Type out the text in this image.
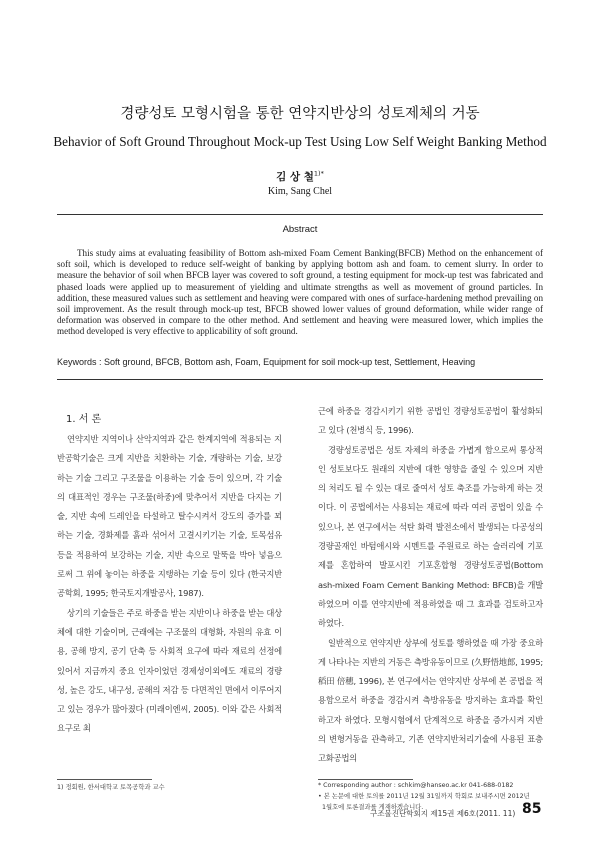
경량성토 모형시험을 통한 연약지반상의 성토제체의 거동
Behavior of Soft Ground Throughout Mock-up Test Using Low Self Weight Banking Method
김 상 철$^{1)*}$
Kim, Sang Chel
Abstract
This study aims at evaluating feasibility of Bottom ash-mixed Foam Cement Banking(BFCB) Method on the enhancement of soft soil, which is developed to reduce self-weight of banking by applying bottom ash and foam. to cement slurry. In order to measure the behavior of soil when BFCB layer was covered to soft ground, a testing equipment for mock-up test was fabricated and phased loads were applied up to measurement of yielding and ultimate strengths as well as movement of ground particles. In addition, these measured values such as settlement and heaving were compared with ones of surface-hardening method prevailing on soil improvement. As the result through mock-up test, BFCB showed lower values of ground deformation, while wider range of deformation was observed in compare to the other method. And settlement and heaving were measured lower, which implies the method developed is very effective to applicability of soft ground.
Keywords : Soft ground, BFCB, Bottom ash, Foam, Equipment for soil mock-up test, Settlement, Heaving
1. 서 론

연약지반 지역이나 산악지역과 같은 한계지역에 적용되는 지반공학기술은 크게 지반을 치환하는 기술, 개량하는 기술, 보강하는 기술 그리고 구조물을 이용하는 기술 등이 있으며, 각 기술의 대표적인 경우는 구조물(하중)에 맞추어서 지반을 다지는 기술, 지반 속에 드레인을 타설하고 탈수시켜서 강도의 증가를 꾀하는 기술, 경화제를 흙과 섞어서 고결시키기는 기술, 토목섬유 등을 적용하여 보강하는 기술, 지반 속으로 말뚝을 박아 넣음으로써 그 위에 놓이는 하중을 지탱하는 기술 등이 있다 (한국지반공학회, 1995; 한국토지개발공사, 1987).

상기의 기술들은 주로 하중을 받는 지반이나 하중을 받는 대상체에 대한 기술이며, 근래에는 구조물의 대형화, 자원의 유효 이용, 공해 방지, 공기 단축 등 사회적 요구에 따라 재료의 선정에 있어서 지금까지 중요 인자이었던 경제성이외에도 재료의 경량성, 높은 강도, 내구성, 공해의 저감 등 다면적인 면에서 이루어지고 있는 경우가 많아졌다 (미래이엔씨, 2005). 이와 같은 사회적 요구로 최

근에 하중을 경감시키기 위한 공법인 경량성토공법이 활성화되고 있다 (천병식 등, 1996).

경량성토공법은 성토 자체의 하중을 가볍게 함으로써 통상적인 성토보다도 원래의 지반에 대한 영향을 줄일 수 있으며 지반의 처리도 될 수 있는 대로 줄여서 성토 축조를 가능하게 하는 것이다. 이 공법에서는 사용되는 재료에 따라 여러 공법이 있을 수 있으나, 본 연구에서는 석탄 화력 발전소에서 발생되는 다공성의 경량골재인 바텀애시와 시멘트를 주원료로 하는 슬러리에 기포제를 혼합하여 발포시킨 기포혼합형 경량성토공법(Bottom ash-mixed Foam Cement Banking Method: BFCB)을 개발하였으며 이를 연약지반에 적용하였을 때 그 효과를 검토하고자 하였다.

일반적으로 연약지반 상부에 성토를 행하였을 때 가장 중요하게 나타나는 지반의 거동은 측방유동이므로 (久野悟地郎, 1995; 稻田 倍穗, 1996), 본 연구에서는 연약지반 상부에 본 공법을 적용함으로서 하중을 경감시켜 측방유동을 방지하는 효과를 확인하고자 하였다. 모형시험에서 단계적으로 하중을 증가시켜 지반의 변형거동을 관측하고, 기존 연약지반처리기술에 사용된 표층고화공법의

1) 정회원, 한서대학교 토목공학과 교수	* Corresponding author : schkim@hanseo.ac.kr 041-688-0182
• 본 논문에 대한 토의를 2011년 12월 31일까지 학회로 보내주시면 2012년
1월호에 토론결과를 게재하겠습니다.
구조물진단학회지 제15권 제6호(2011. 11) 85
